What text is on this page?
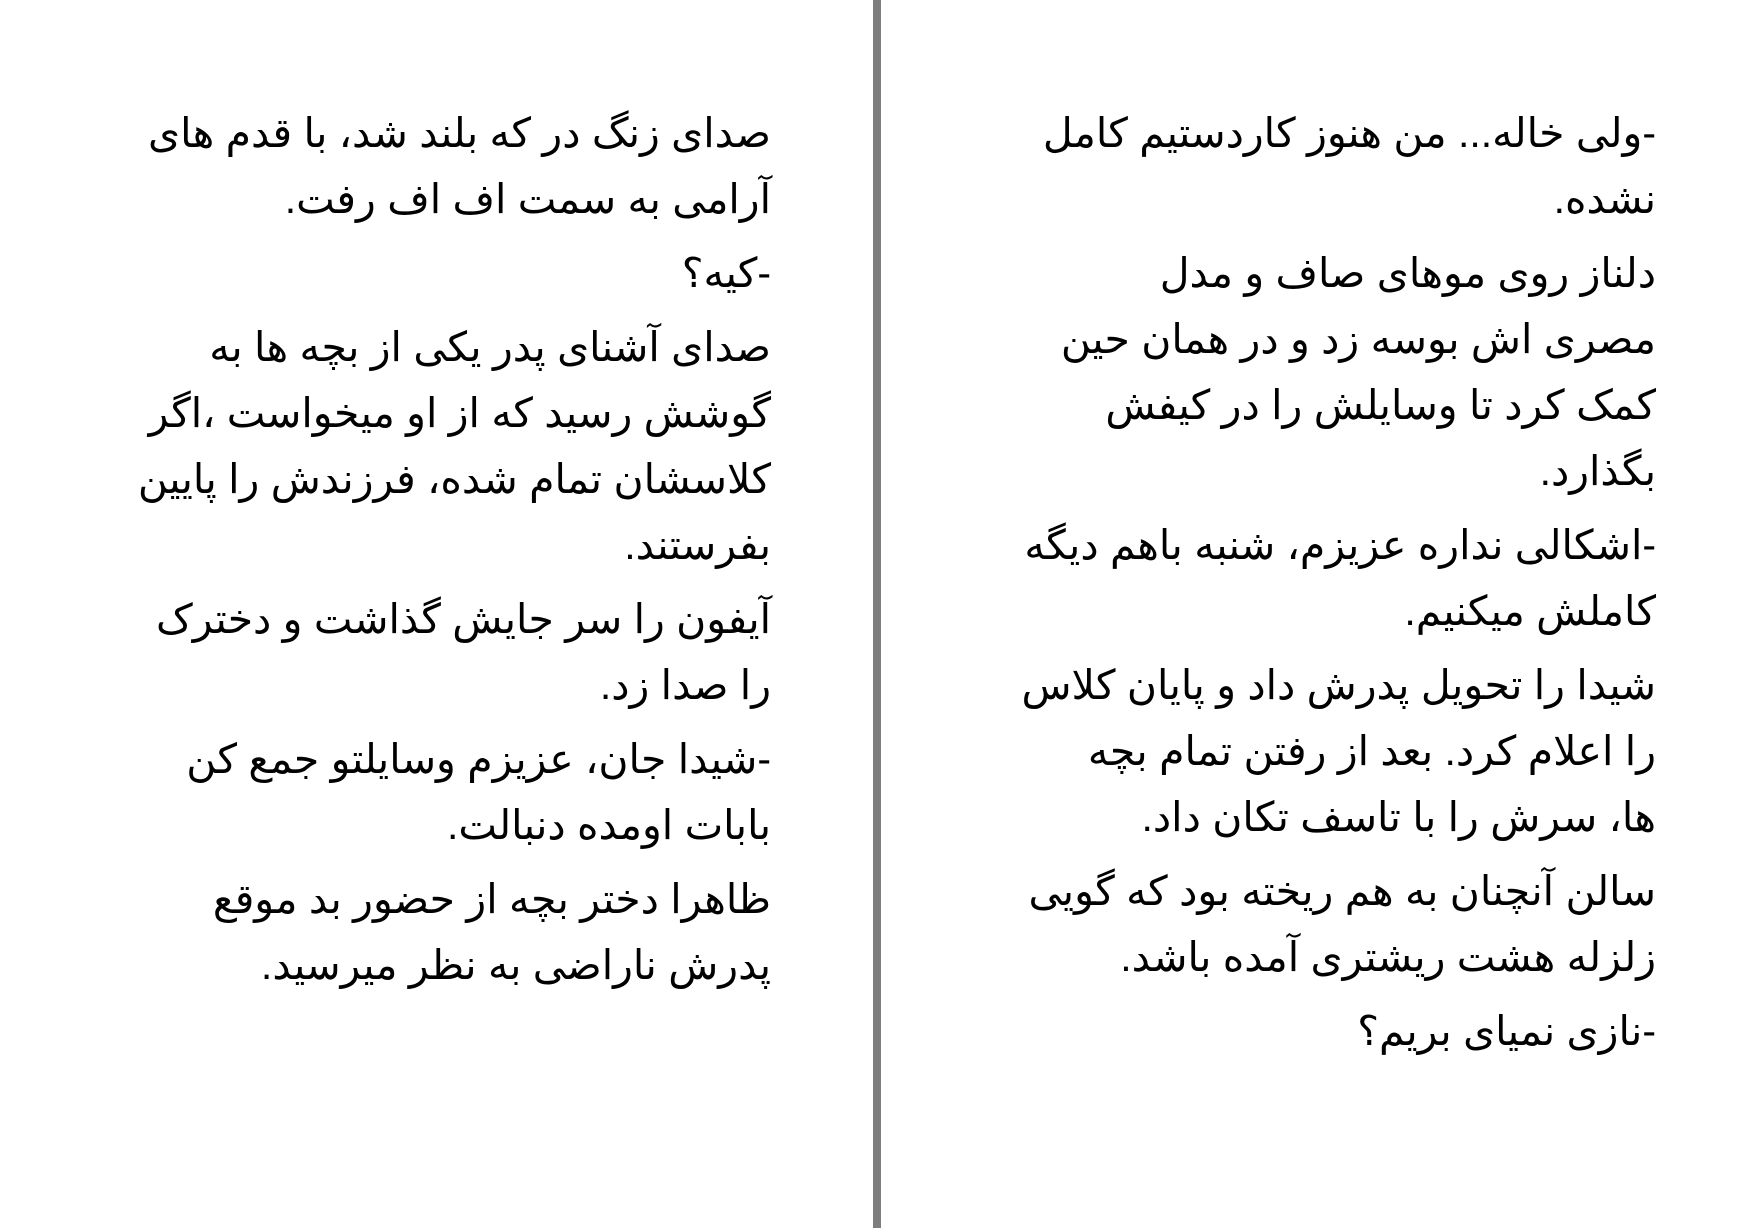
صدای زنگ در که بلند شد، با قدم های
آرامی به سمت اف اف رفت.

-کیه؟

صدای آشنای پدر یکی از بچه ها به
گوشش رسید که از او میخواست ،اگر
کلاسشان تمام شده، فرزندش را پایین
بفرستند.

آیفون را سر جایش گذاشت و دخترک
را صدا زد.

-شیدا جان، عزیزم وسایلتو جمع کن
بابات اومده دنبالت.

ظاهرا دختر بچه از حضور بد موقع
پدرش ناراضی به نظر میرسید.

-ولی خاله... من هنوز کاردستیم کامل
نشده.

دلناز روی موهای صاف و مدل
مصری اش بوسه زد و در همان حین
کمک کرد تا وسایلش را در کیفش
بگذارد.

-اشکالی نداره عزیزم، شنبه باهم دیگه
کاملش میکنیم.

شیدا را تحویل پدرش داد و پایان کلاس
را اعلام کرد. بعد از رفتن تمام بچه
ها، سرش را با تاسف تکان داد.

سالن آنچنان به هم ریخته بود که گویی
زلزله هشت ریشتری آمده باشد.

-نازی نمیای بریم؟
